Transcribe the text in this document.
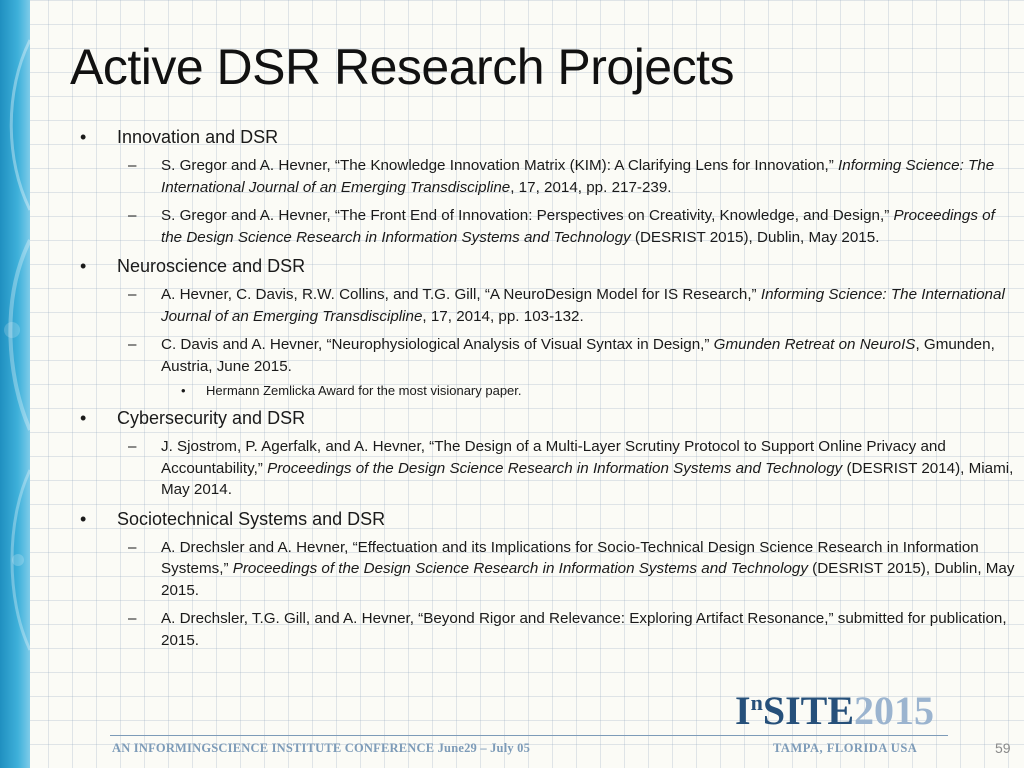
Active DSR Research Projects
• Innovation and DSR
– S. Gregor and A. Hevner, “The Knowledge Innovation Matrix (KIM): A Clarifying Lens for Innovation,” Informing Science: The International Journal of an Emerging Transdiscipline, 17, 2014, pp. 217-239.
– S. Gregor and A. Hevner, “The Front End of Innovation: Perspectives on Creativity, Knowledge, and Design,” Proceedings of the Design Science Research in Information Systems and Technology (DESRIST 2015), Dublin, May 2015.
• Neuroscience and DSR
– A. Hevner, C. Davis, R.W. Collins, and T.G. Gill, “A NeuroDesign Model for IS Research,” Informing Science: The International Journal of an Emerging Transdiscipline, 17, 2014, pp. 103-132.
– C. Davis and A. Hevner, “Neurophysiological Analysis of Visual Syntax in Design,” Gmunden Retreat on NeuroIS, Gmunden, Austria, June 2015.
• Hermann Zemlicka Award for the most visionary paper.
• Cybersecurity and DSR
– J. Sjostrom, P. Agerfalk, and A. Hevner, “The Design of a Multi-Layer Scrutiny Protocol to Support Online Privacy and Accountability,” Proceedings of the Design Science Research in Information Systems and Technology (DESRIST 2014), Miami, May 2014.
• Sociotechnical Systems and DSR
– A. Drechsler and A. Hevner, “Effectuation and its Implications for Socio-Technical Design Science Research in Information Systems,” Proceedings of the Design Science Research in Information Systems and Technology (DESRIST 2015), Dublin, May 2015.
– A. Drechsler, T.G. Gill, and A. Hevner, “Beyond Rigor and Relevance: Exploring Artifact Resonance,” submitted for publication, 2015.
$I^nSITE2015$
AN INFORMINGSCIENCE INSTITUTE CONFERENCE June29 – July 05	TAMPA, FLORIDA USA	59
